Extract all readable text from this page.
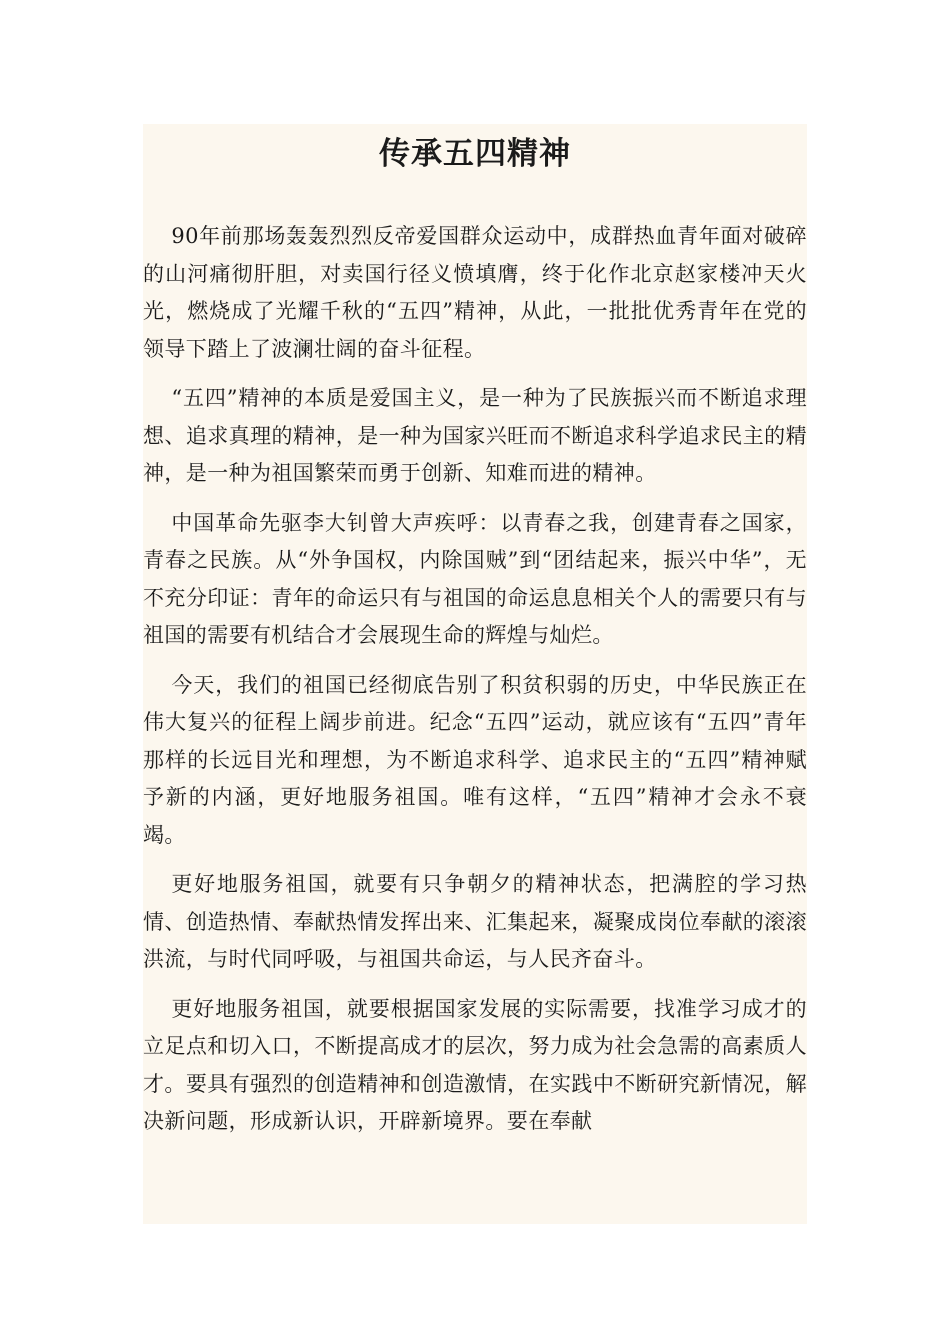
传承五四精神

90年前那场轰轰烈烈反帝爱国群众运动中，成群热血青年面对破碎的山河痛彻肝胆，对卖国行径义愤填膺，终于化作北京赵家楼冲天火光，燃烧成了光耀千秋的“五四”精神，从此，一批批优秀青年在党的领导下踏上了波澜壮阔的奋斗征程。

“五四”精神的本质是爱国主义，是一种为了民族振兴而不断追求理想、追求真理的精神，是一种为国家兴旺而不断追求科学追求民主的精神，是一种为祖国繁荣而勇于创新、知难而进的精神。

中国革命先驱李大钊曾大声疾呼：以青春之我，创建青春之国家，青春之民族。从“外争国权，内除国贼”到“团结起来，振兴中华”，无不充分印证：青年的命运只有与祖国的命运息息相关个人的需要只有与祖国的需要有机结合才会展现生命的辉煌与灿烂。

今天，我们的祖国已经彻底告别了积贫积弱的历史，中华民族正在伟大复兴的征程上阔步前进。纪念“五四”运动，就应该有“五四”青年那样的长远目光和理想，为不断追求科学、追求民主的“五四”精神赋予新的内涵，更好地服务祖国。唯有这样，“五四”精神才会永不衰竭。

更好地服务祖国，就要有只争朝夕的精神状态，把满腔的学习热情、创造热情、奉献热情发挥出来、汇集起来，凝聚成岗位奉献的滚滚洪流，与时代同呼吸，与祖国共命运，与人民齐奋斗。

更好地服务祖国，就要根据国家发展的实际需要，找准学习成才的立足点和切入口，不断提高成才的层次，努力成为社会急需的高素质人才。要具有强烈的创造精神和创造激情，在实践中不断研究新情况，解决新问题，形成新认识，开辟新境界。要在奉献
